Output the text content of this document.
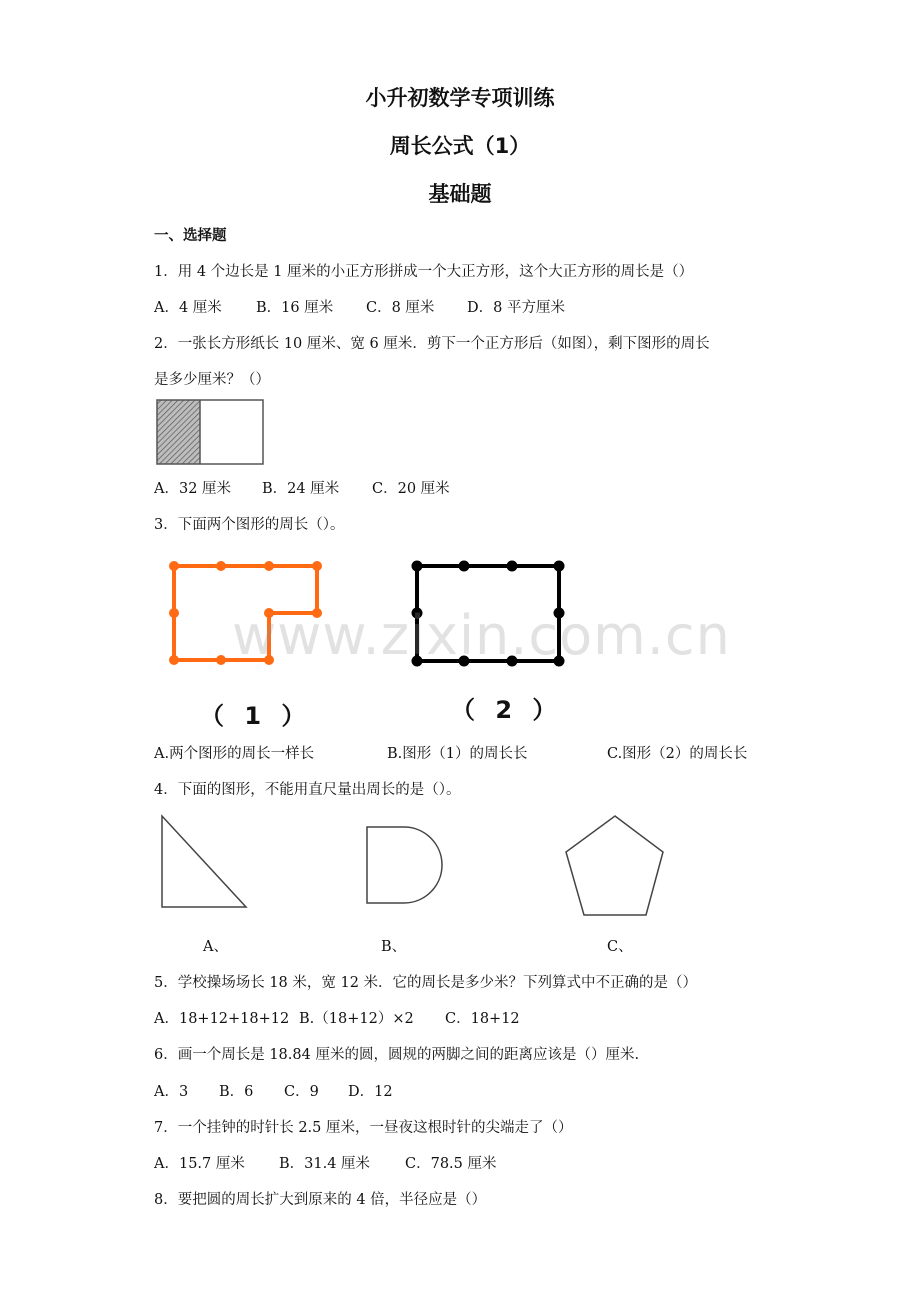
小升初数学专项训练
周长公式（1）
基础题
一、选择题
1．用 4 个边长是 1 厘米的小正方形拼成一个大正方形，这个大正方形的周长是（）
A．4 厘米 B．16 厘米 C．8 厘米 D．8 平方厘米
2．一张长方形纸长 10 厘米、宽 6 厘米．剪下一个正方形后（如图），剩下图形的周长
是多少厘米？（）
A．32 厘米 B．24 厘米 C．20 厘米
3．下面两个图形的周长（）。
（ 1 ）	（ 2 ）
A.两个图形的周长一样长	B.图形（1）的周长长	C.图形（2）的周长长
4．下面的图形，不能用直尺量出周长的是（）。
A、	B、	C、
5．学校操场场长 18 米，宽 12 米．它的周长是多少米？下列算式中不正确的是（）
A．18+12+18+12 B.（18+12）×2 C．18+12
6．画一个周长是 18.84 厘米的圆，圆规的两脚之间的距离应该是（）厘米.
A．3 B．6 C．9 D．12
7．一个挂钟的时针长 2.5 厘米，一昼夜这根时针的尖端走了（）
A．15.7 厘米 B．31.4 厘米 C．78.5 厘米
8．要把圆的周长扩大到原来的 4 倍，半径应是（）
www.zixin.com.cn
